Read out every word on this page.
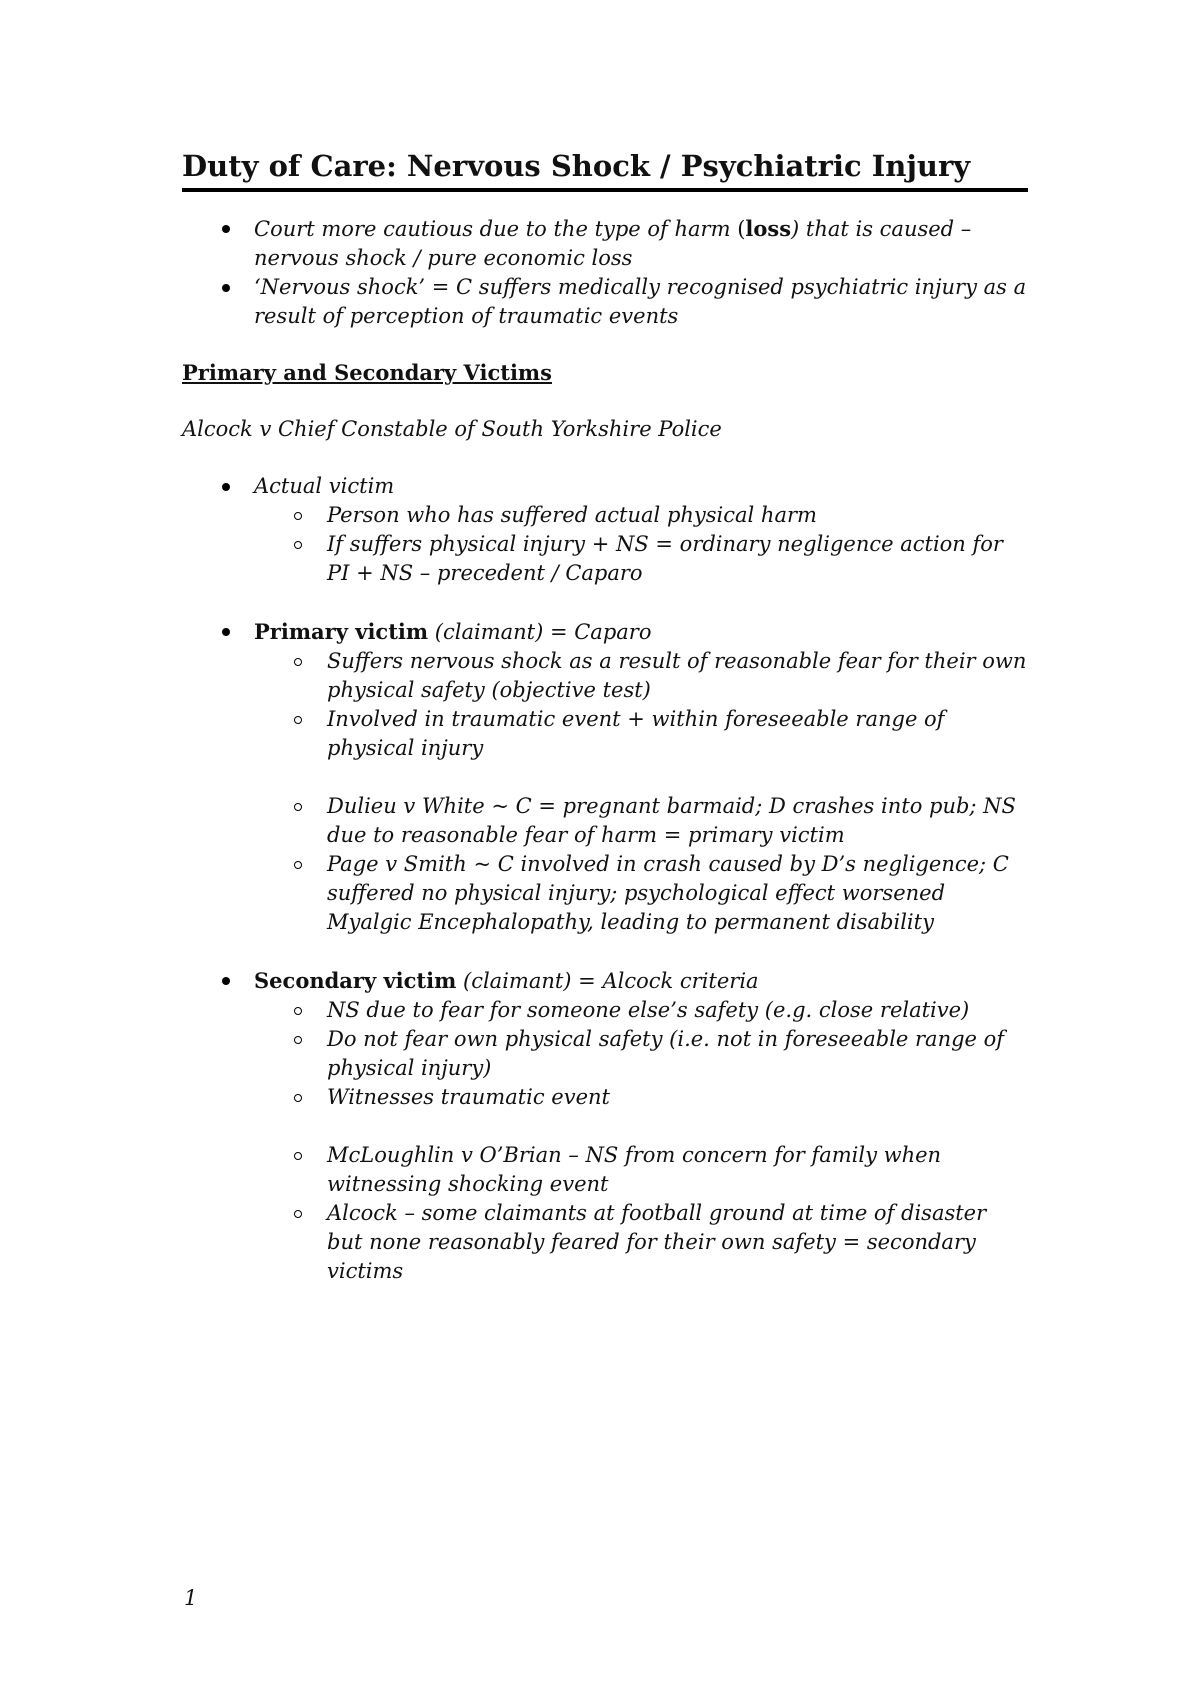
Duty of Care: Nervous Shock / Psychiatric Injury
Court more cautious due to the type of harm (loss) that is caused – nervous shock / pure economic loss
‘Nervous shock’ = C suffers medically recognised psychiatric injury as a result of perception of traumatic events
Primary and Secondary Victims
Alcock v Chief Constable of South Yorkshire Police
Actual victim
Person who has suffered actual physical harm
If suffers physical injury + NS = ordinary negligence action for PI + NS – precedent / Caparo
Primary victim (claimant) = Caparo
Suffers nervous shock as a result of reasonable fear for their own physical safety (objective test)
Involved in traumatic event + within foreseeable range of physical injury
Dulieu v White ~ C = pregnant barmaid; D crashes into pub; NS due to reasonable fear of harm = primary victim
Page v Smith ~ C involved in crash caused by D’s negligence; C suffered no physical injury; psychological effect worsened Myalgic Encephalopathy, leading to permanent disability
Secondary victim (claimant) = Alcock criteria
NS due to fear for someone else’s safety (e.g. close relative)
Do not fear own physical safety (i.e. not in foreseeable range of physical injury)
Witnesses traumatic event
McLoughlin v O’Brian – NS from concern for family when witnessing shocking event
Alcock – some claimants at football ground at time of disaster but none reasonably feared for their own safety = secondary victims
1
